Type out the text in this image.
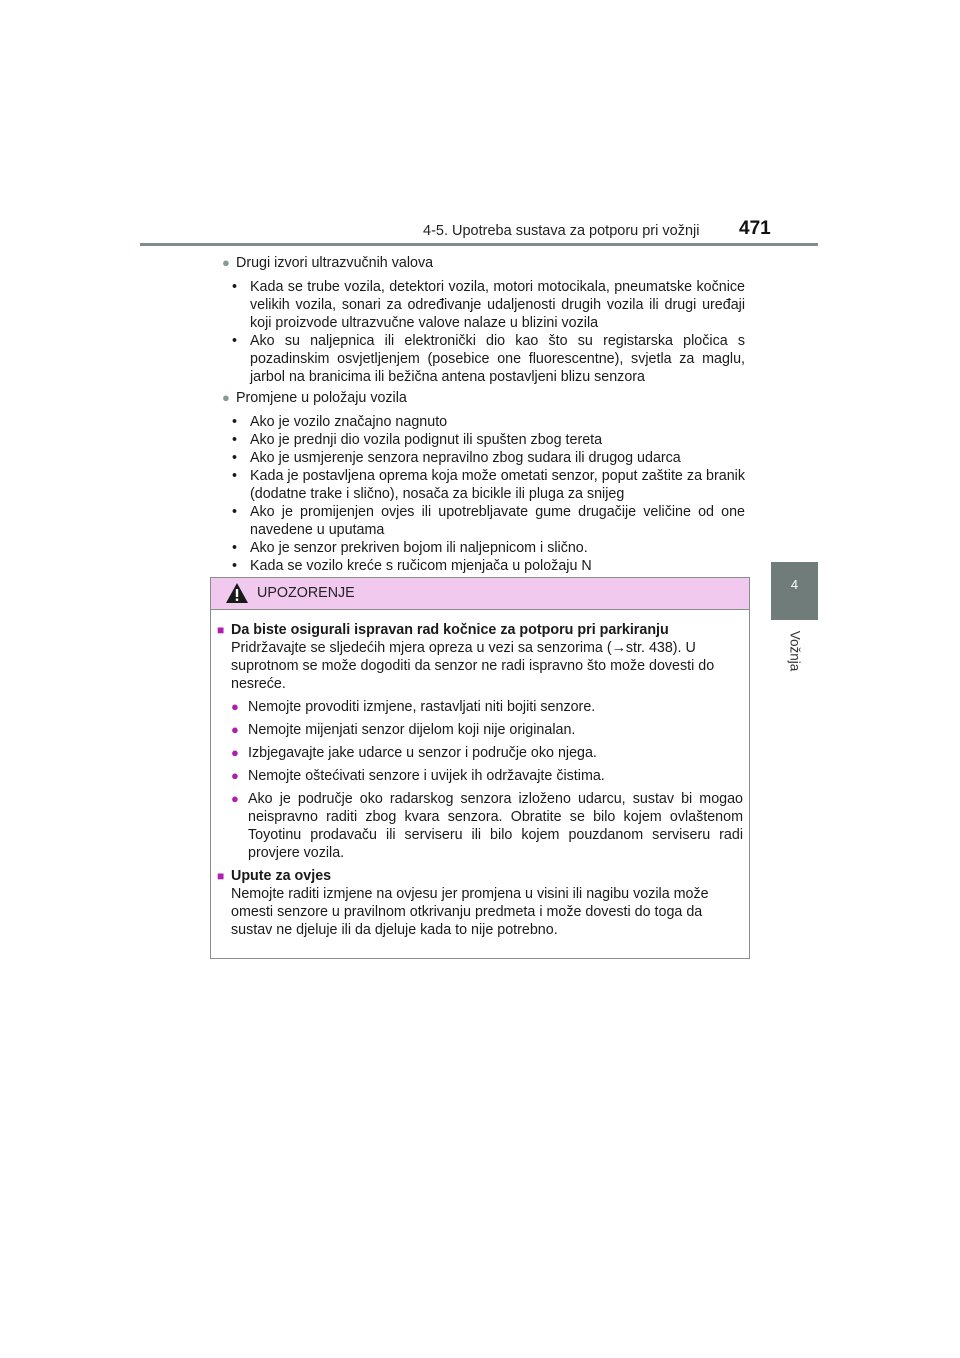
4-5. Upotreba sustava za potporu pri vožnji 471
4
Vožnja
● Drugi izvori ultrazvučnih valova
• Kada se trube vozila, detektori vozila, motori motocikala, pneumatske kočnice velikih vozila, sonari za određivanje udaljenosti drugih vozila ili drugi uređaji koji proizvode ultrazvučne valove nalaze u blizini vozila
• Ako su naljepnica ili elektronički dio kao što su registarska pločica s pozadinskim osvjetljenjem (posebice one fluorescentne), svjetla za maglu, jarbol na branicima ili bežična antena postavljeni blizu senzora
● Promjene u položaju vozila
• Ako je vozilo značajno nagnuto
• Ako je prednji dio vozila podignut ili spušten zbog tereta
• Ako je usmjerenje senzora nepravilno zbog sudara ili drugog udarca
• Kada je postavljena oprema koja može ometati senzor, poput zaštite za branik (dodatne trake i slično), nosača za bicikle ili pluga za snijeg
• Ako je promijenjen ovjes ili upotrebljavate gume drugačije veličine od one navedene u uputama
• Ako je senzor prekriven bojom ili naljepnicom i slično.
• Kada se vozilo kreće s ručicom mjenjača u položaju N
UPOZORENJE
■ Da biste osigurali ispravan rad kočnice za potporu pri parkiranju
Pridržavajte se sljedećih mjera opreza u vezi sa senzorima (→str. 438). U suprotnom se može dogoditi da senzor ne radi ispravno što može dovesti do nesreće.
● Nemojte provoditi izmjene, rastavljati niti bojiti senzore.
● Nemojte mijenjati senzor dijelom koji nije originalan.
● Izbjegavajte jake udarce u senzor i područje oko njega.
● Nemojte oštećivati senzore i uvijek ih održavajte čistima.
● Ako je područje oko radarskog senzora izloženo udarcu, sustav bi mogao neispravno raditi zbog kvara senzora. Obratite se bilo kojem ovlaštenom Toyotinu prodavaču ili serviseru ili bilo kojem pouzdanom serviseru radi provjere vozila.
■ Upute za ovjes
Nemojte raditi izmjene na ovjesu jer promjena u visini ili nagibu vozila može omesti senzore u pravilnom otkrivanju predmeta i može dovesti do toga da sustav ne djeluje ili da djeluje kada to nije potrebno.
